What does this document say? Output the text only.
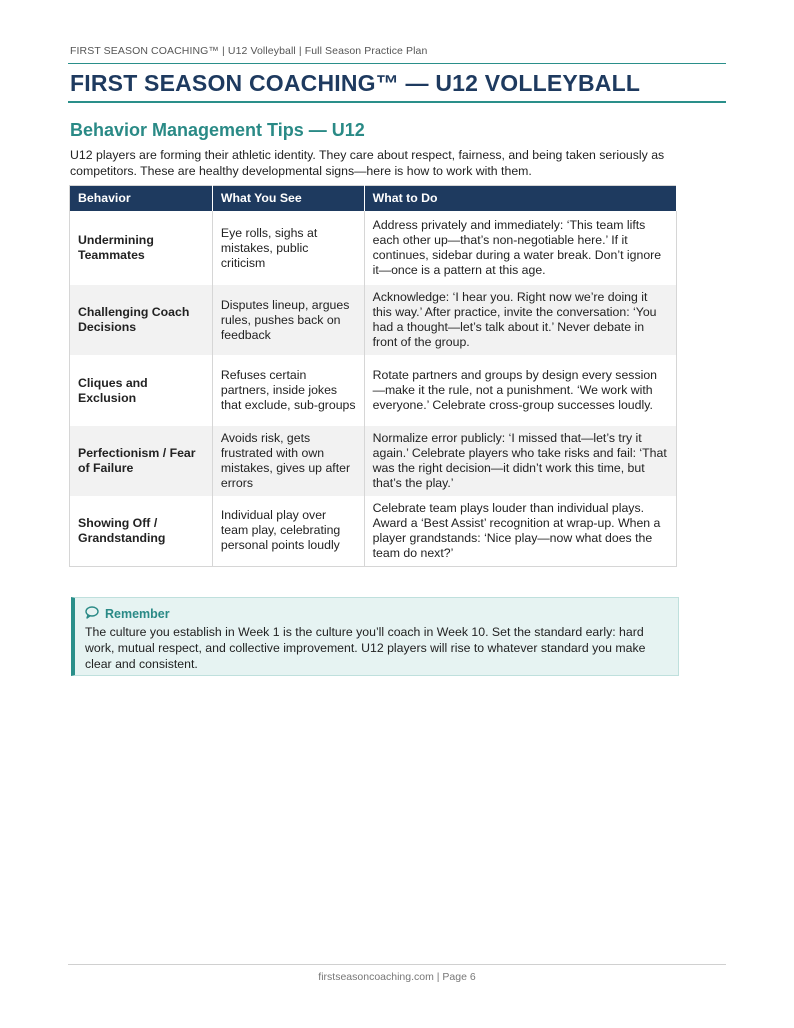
FIRST SEASON COACHING™ | U12 Volleyball | Full Season Practice Plan
FIRST SEASON COACHING™ — U12 VOLLEYBALL
Behavior Management Tips — U12
U12 players are forming their athletic identity. They care about respect, fairness, and being taken seriously as competitors. These are healthy developmental signs—here is how to work with them.
Behavior	What You See	What to Do
Undermining Teammates	Eye rolls, sighs at mistakes, public criticism	Address privately and immediately: ‘This team lifts each other up—that’s non-negotiable here.’ If it continues, sidebar during a water break. Don’t ignore it—once is a pattern at this age.
Challenging Coach Decisions	Disputes lineup, argues rules, pushes back on feedback	Acknowledge: ‘I hear you. Right now we’re doing it this way.’ After practice, invite the conversation: ‘You had a thought—let’s talk about it.’ Never debate in front of the group.
Cliques and Exclusion	Refuses certain partners, inside jokes that exclude, sub-groups	Rotate partners and groups by design every session—make it the rule, not a punishment. ‘We work with everyone.’ Celebrate cross-group successes loudly.
Perfectionism / Fear of Failure	Avoids risk, gets frustrated with own mistakes, gives up after errors	Normalize error publicly: ‘I missed that—let’s try it again.’ Celebrate players who take risks and fail: ‘That was the right decision—it didn’t work this time, but that’s the play.’
Showing Off / Grandstanding	Individual play over team play, celebrating personal points loudly	Celebrate team plays louder than individual plays. Award a ‘Best Assist’ recognition at wrap-up. When a player grandstands: ‘Nice play—now what does the team do next?’
Remember
The culture you establish in Week 1 is the culture you’ll coach in Week 10. Set the standard early: hard work, mutual respect, and collective improvement. U12 players will rise to whatever standard you make clear and consistent.
firstseasoncoaching.com | Page 6
